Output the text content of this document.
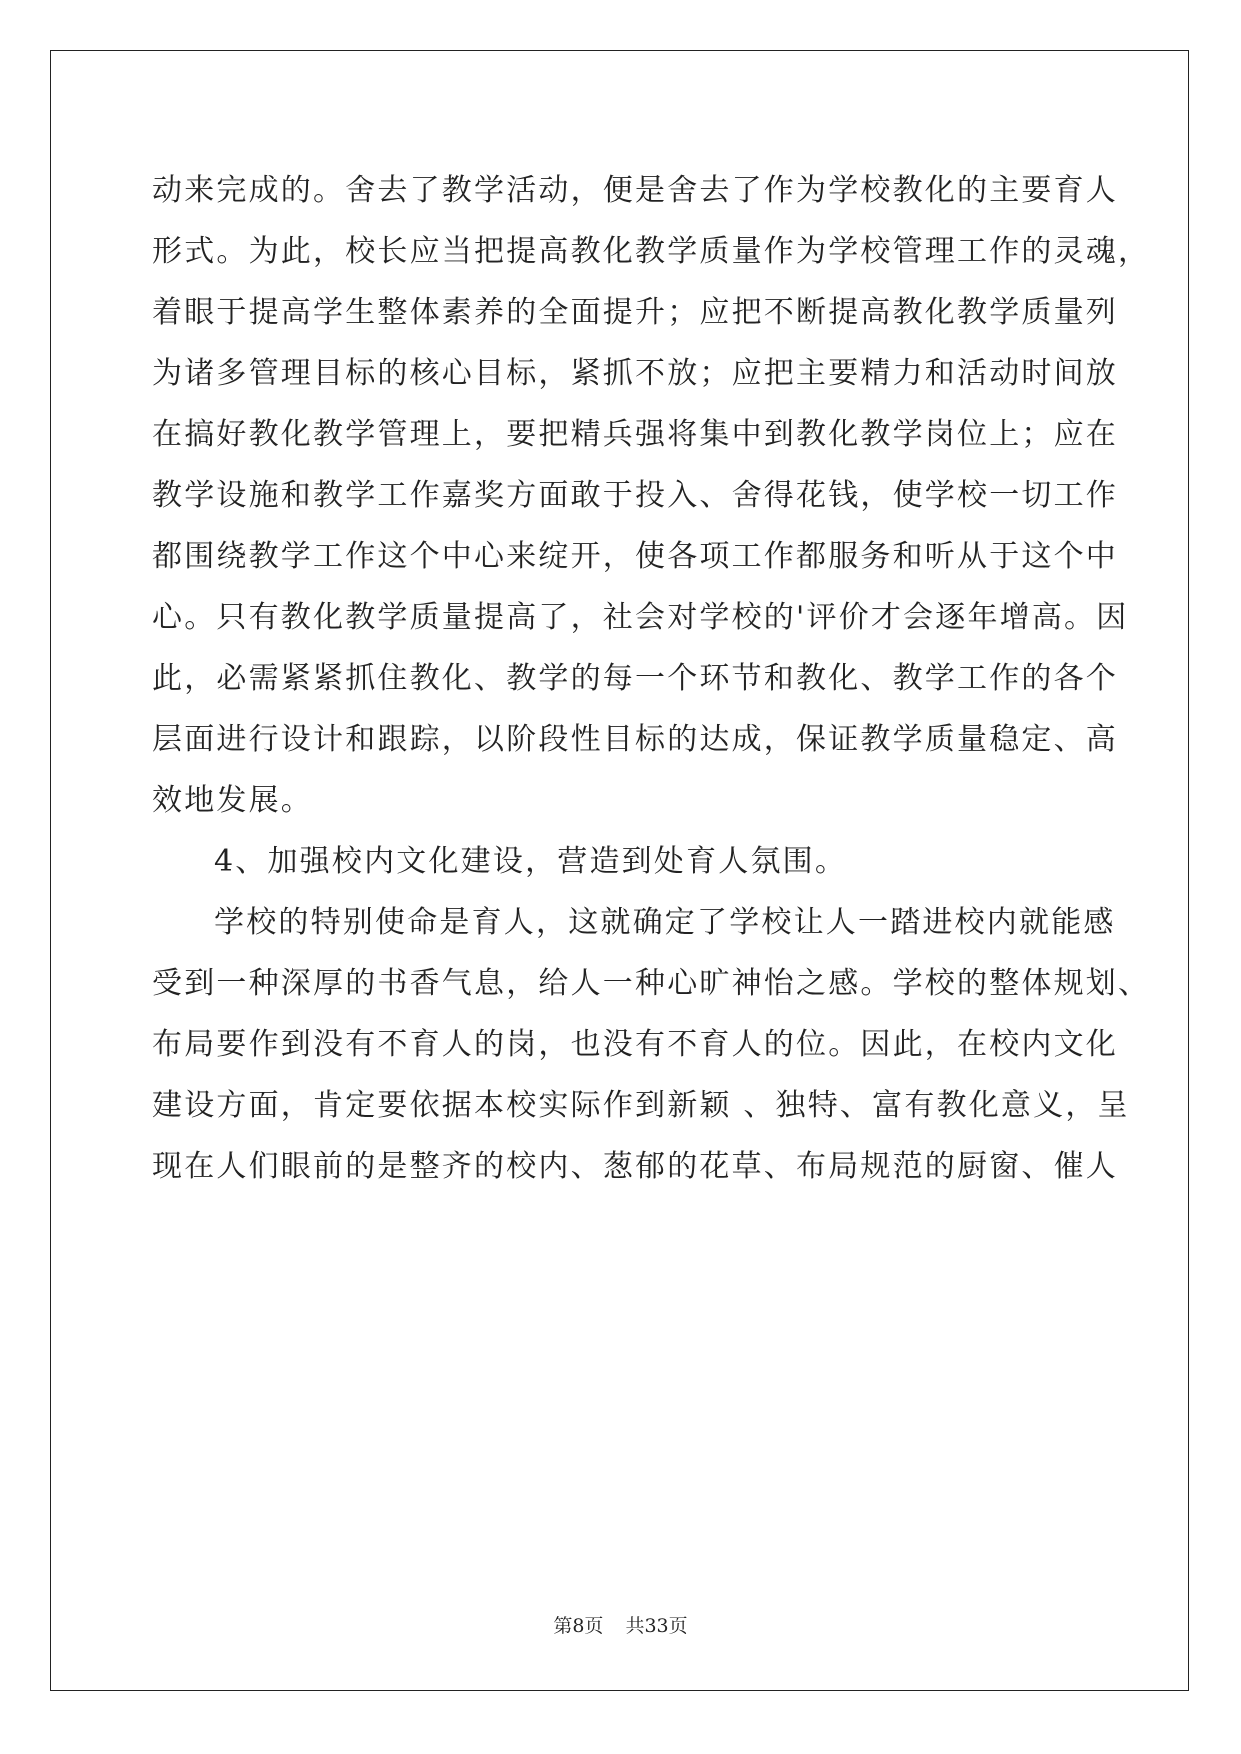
动来完成的。舍去了教学活动，便是舍去了作为学校教化的主要育人
形式。为此，校长应当把提高教化教学质量作为学校管理工作的灵魂，
着眼于提高学生整体素养的全面提升；应把不断提高教化教学质量列
为诸多管理目标的核心目标，紧抓不放；应把主要精力和活动时间放
在搞好教化教学管理上，要把精兵强将集中到教化教学岗位上；应在
教学设施和教学工作嘉奖方面敢于投入、舍得花钱，使学校一切工作
都围绕教学工作这个中心来绽开，使各项工作都服务和听从于这个中
心。只有教化教学质量提高了，社会对学校的'评价才会逐年增高。因
此，必需紧紧抓住教化、教学的每一个环节和教化、教学工作的各个
层面进行设计和跟踪，以阶段性目标的达成，保证教学质量稳定、高
效地发展。
4、加强校内文化建设，营造到处育人氛围。
学校的特别使命是育人，这就确定了学校让人一踏进校内就能感
受到一种深厚的书香气息，给人一种心旷神怡之感。学校的整体规划、
布局要作到没有不育人的岗，也没有不育人的位。因此，在校内文化
建设方面，肯定要依据本校实际作到新颖 、独特、富有教化意义，呈
现在人们眼前的是整齐的校内、葱郁的花草、布局规范的厨窗、催人
第8页 共33页
